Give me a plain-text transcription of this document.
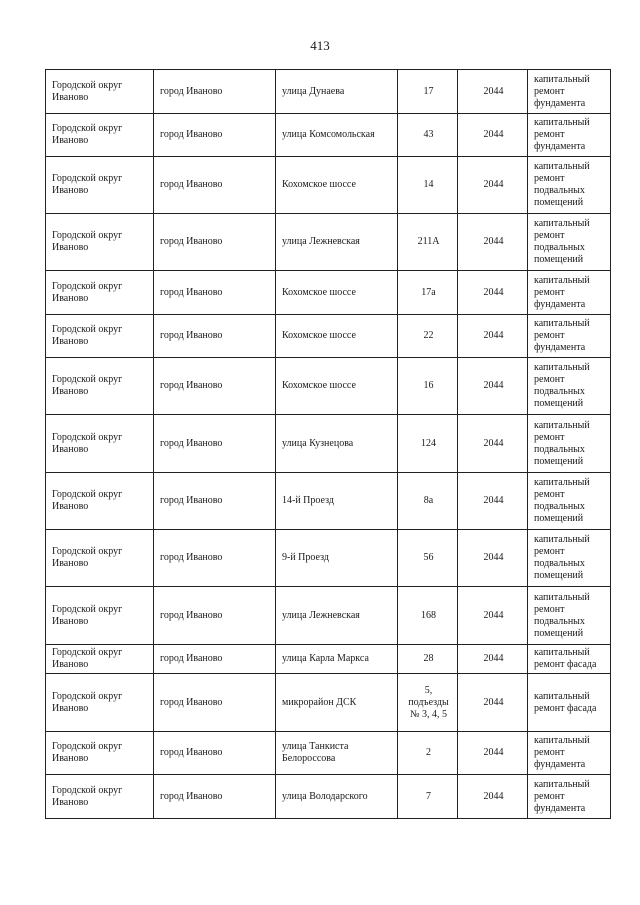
413
Городской округ Иваново	город Иваново	улица Дунаева	17	2044	капитальный ремонт фундамента
Городской округ Иваново	город Иваново	улица Комсомольская	43	2044	капитальный ремонт фундамента
Городской округ Иваново	город Иваново	Кохомское шоссе	14	2044	капитальный ремонт подвальных помещений
Городской округ Иваново	город Иваново	улица Лежневская	211А	2044	капитальный ремонт подвальных помещений
Городской округ Иваново	город Иваново	Кохомское шоссе	17а	2044	капитальный ремонт фундамента
Городской округ Иваново	город Иваново	Кохомское шоссе	22	2044	капитальный ремонт фундамента
Городской округ Иваново	город Иваново	Кохомское шоссе	16	2044	капитальный ремонт подвальных помещений
Городской округ Иваново	город Иваново	улица Кузнецова	124	2044	капитальный ремонт подвальных помещений
Городской округ Иваново	город Иваново	14-й Проезд	8а	2044	капитальный ремонт подвальных помещений
Городской округ Иваново	город Иваново	9-й Проезд	56	2044	капитальный ремонт подвальных помещений
Городской округ Иваново	город Иваново	улица Лежневская	168	2044	капитальный ремонт подвальных помещений
Городской округ Иваново	город Иваново	улица Карла Маркса	28	2044	капитальный ремонт фасада
Городской округ Иваново	город Иваново	микрорайон ДСК	5, подъезды № 3, 4, 5	2044	капитальный ремонт фасада
Городской округ Иваново	город Иваново	улица Танкиста Белороссова	2	2044	капитальный ремонт фундамента
Городской округ Иваново	город Иваново	улица Володарского	7	2044	капитальный ремонт фундамента
